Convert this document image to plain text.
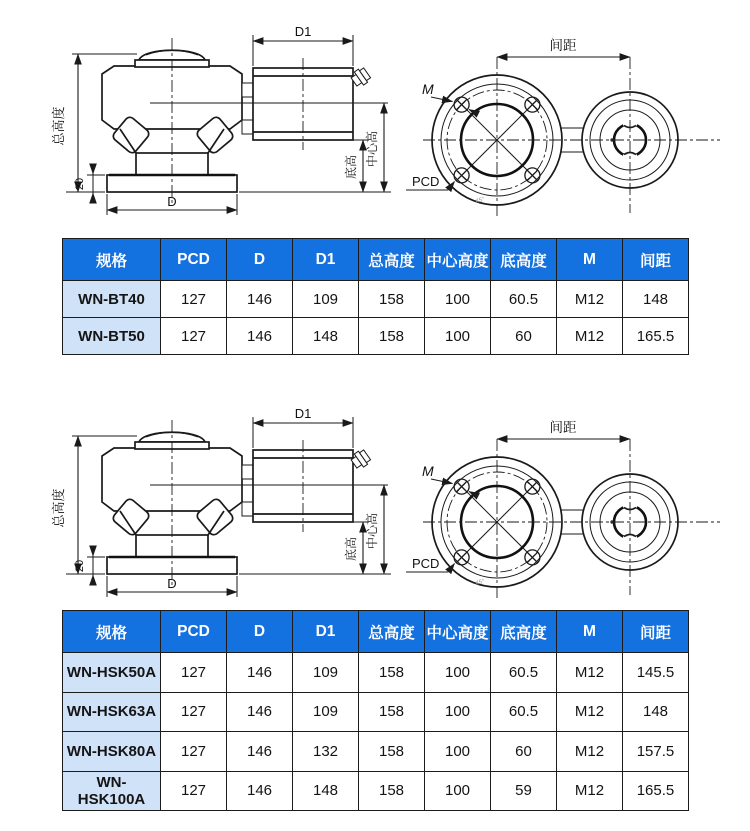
规格	PCD	D	D1	总高度	中心高度	底高度	M	间距
WN-BT40	127	146	109	158	100	60.5	M12	148
WN-BT50	127	146	148	158	100	60	M12	165.5
规格	PCD	D	D1	总高度	中心高度	底高度	M	间距
WN-HSK50A	127	146	109	158	100	60.5	M12	145.5
WN-HSK63A	127	146	109	158	100	60.5	M12	148
WN-HSK80A	127	146	132	158	100	60	M12	157.5
WN-HSK100A	127	146	148	158	100	59	M12	165.5
